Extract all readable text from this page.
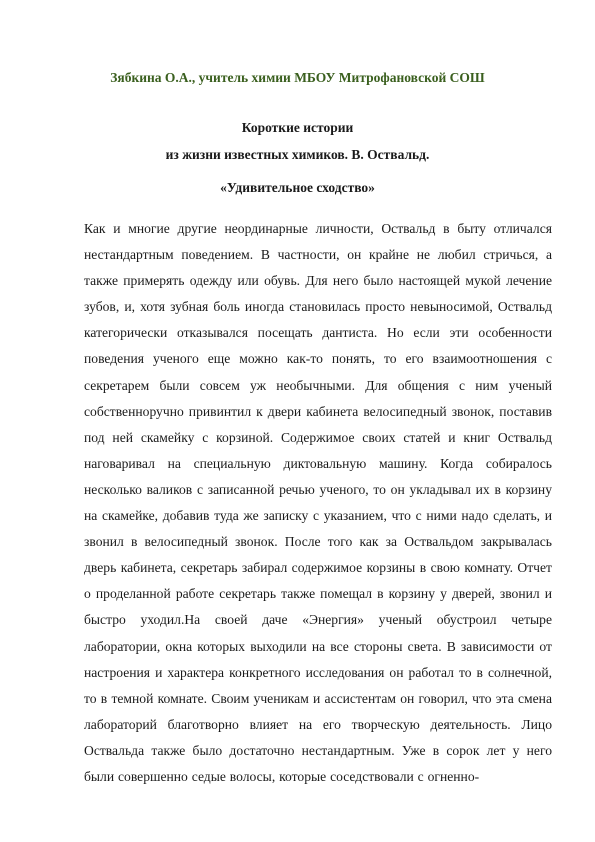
Зябкина О.А., учитель химии МБОУ Митрофановской СОШ

Короткие истории
из жизни известных химиков. В. Оствальд.

«Удивительное сходство»

Как и многие другие неординарные личности, Оствальд в быту отличался нестандартным поведением. В частности, он крайне не любил стричься, а также примерять одежду или обувь. Для него было настоящей мукой лечение зубов, и, хотя зубная боль иногда становилась просто невыносимой, Оствальд категорически отказывался посещать дантиста. Но если эти особенности поведения ученого еще можно как-то понять, то его взаимоотношения с секретарем были совсем уж необычными. Для общения с ним ученый собственноручно привинтил к двери кабинета велосипедный звонок, поставив под ней скамейку с корзиной. Содержимое своих статей и книг Оствальд наговаривал на специальную диктовальную машину. Когда собиралось несколько валиков с записанной речью ученого, то он укладывал их в корзину на скамейке, добавив туда же записку с указанием, что с ними надо сделать, и звонил в велосипедный звонок. После того как за Оствальдом закрывалась дверь кабинета, секретарь забирал содержимое корзины в свою комнату. Отчет о проделанной работе секретарь также помещал в корзину у дверей, звонил и быстро уходил.На своей даче «Энергия» ученый обустроил четыре лаборатории, окна которых выходили на все стороны света. В зависимости от настроения и характера конкретного исследования он работал то в солнечной, то в темной комнате. Своим ученикам и ассистентам он говорил, что эта смена лабораторий благотворно влияет на его творческую деятельность. Лицо Оствальда также было достаточно нестандартным. Уже в сорок лет у него были совершенно седые волосы, которые соседствовали с огненно-
